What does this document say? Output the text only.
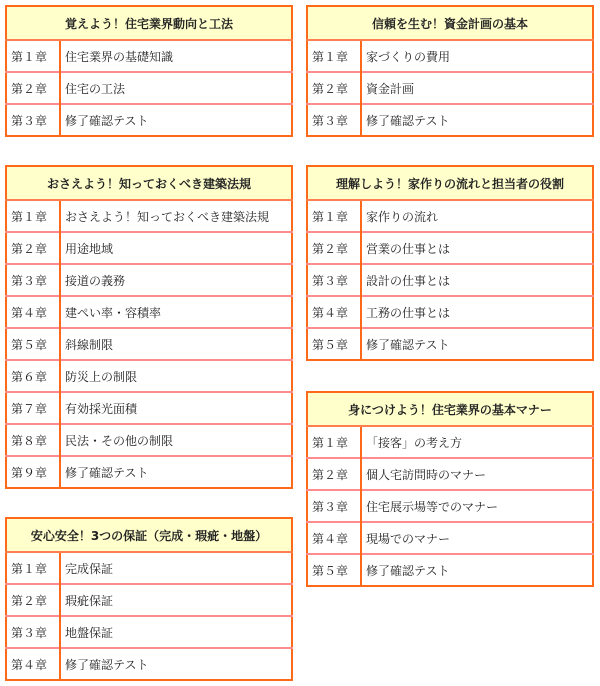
覚えよう！住宅業界動向と工法	
第１章	住宅業界の基礎知識
第２章	住宅の工法
第３章	修了確認テスト
おさえよう！知っておくべき建築法規	
第１章	おさえよう！知っておくべき建築法規
第２章	用途地域
第３章	接道の義務
第４章	建ぺい率・容積率
第５章	斜線制限
第６章	防災上の制限
第７章	有効採光面積
第８章	民法・その他の制限
第９章	修了確認テスト
安心安全！3つの保証（完成・瑕疵・地盤）	
第１章	完成保証
第２章	瑕疵保証
第３章	地盤保証
第４章	修了確認テスト
信頼を生む！資金計画の基本	
第１章	家づくりの費用
第２章	資金計画
第３章	修了確認テスト
理解しよう！家作りの流れと担当者の役割	
第１章	家作りの流れ
第２章	営業の仕事とは
第３章	設計の仕事とは
第４章	工務の仕事とは
第５章	修了確認テスト
身につけよう！住宅業界の基本マナー	
第１章	「接客」の考え方
第２章	個人宅訪問時のマナー
第３章	住宅展示場等でのマナー
第４章	現場でのマナー
第５章	修了確認テスト
